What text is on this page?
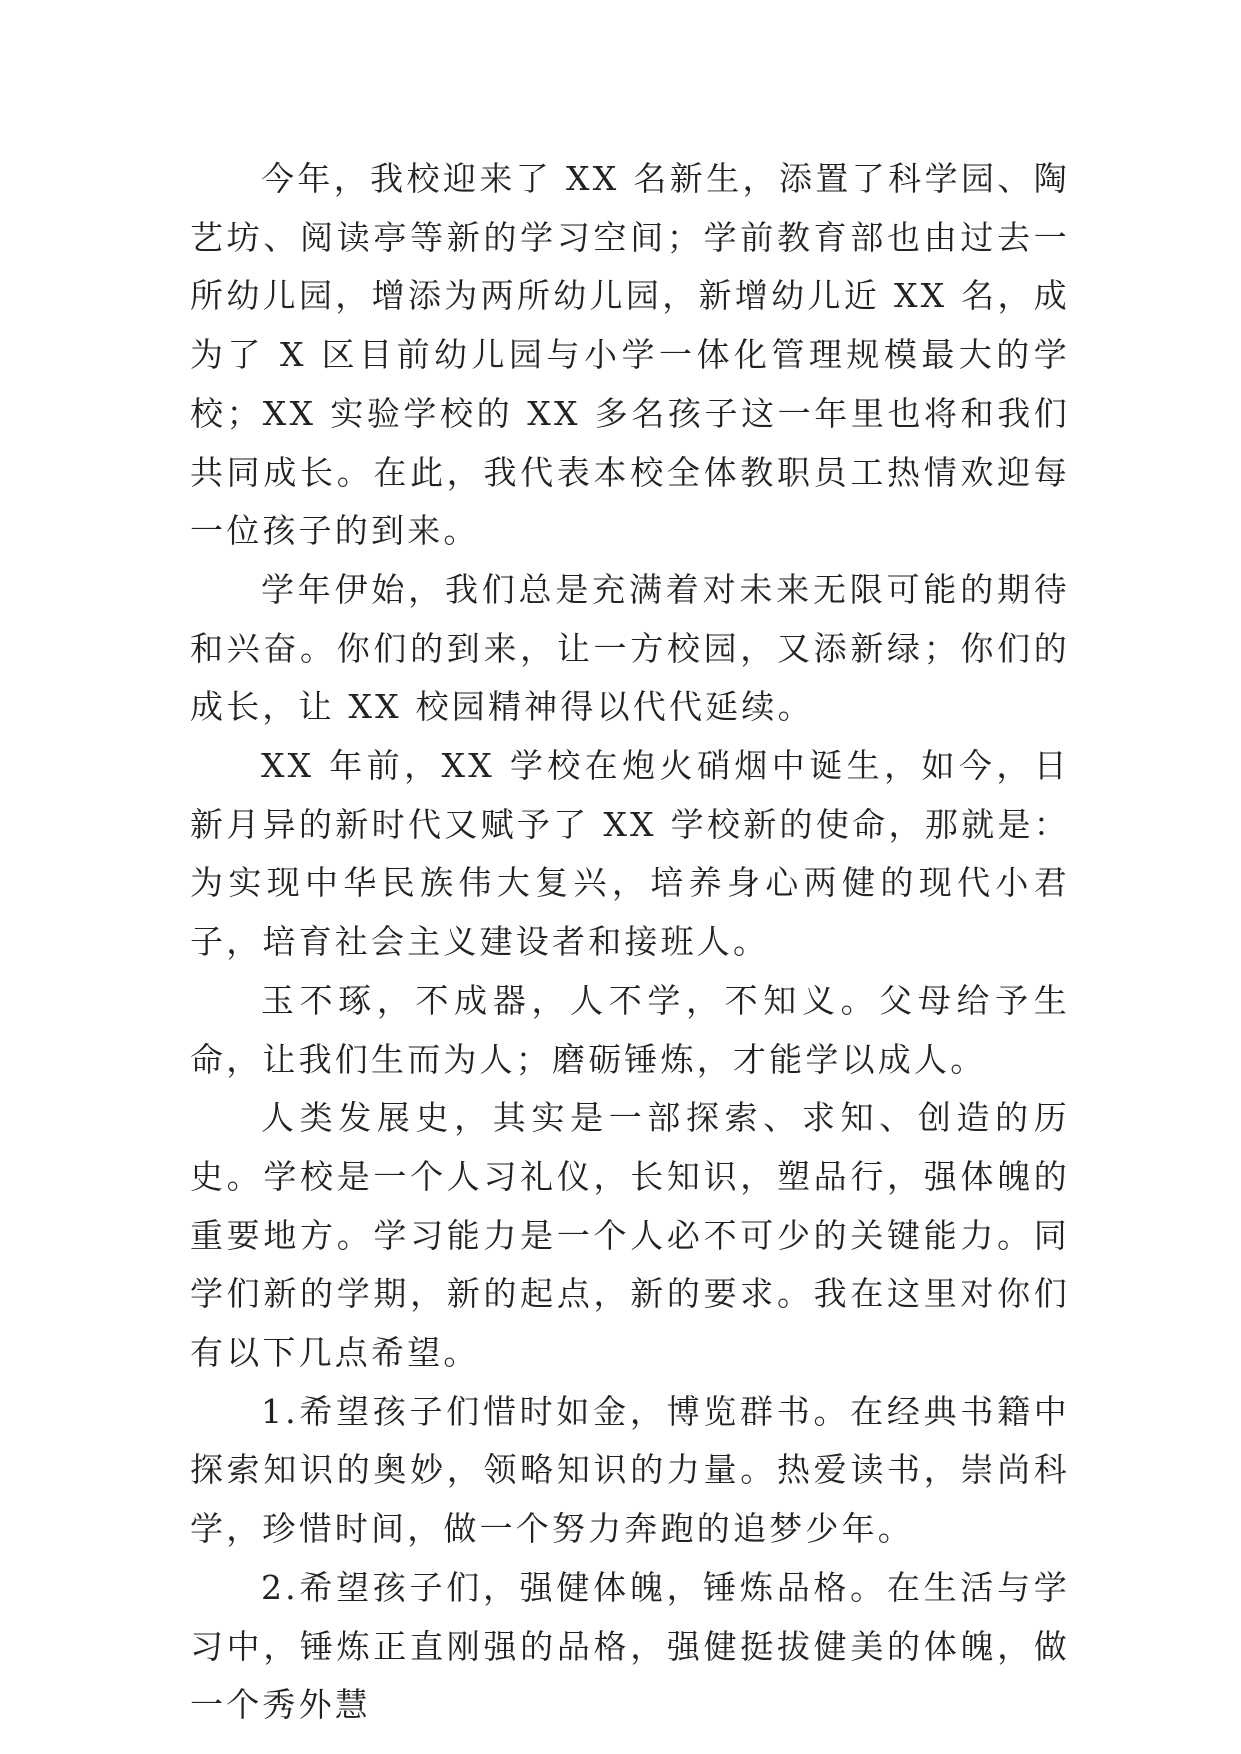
今年，我校迎来了 XX 名新生，添置了科学园、陶艺坊、阅读亭等新的学习空间；学前教育部也由过去一所幼儿园，增添为两所幼儿园，新增幼儿近 XX 名，成为了 X 区目前幼儿园与小学一体化管理规模最大的学校；XX 实验学校的 XX 多名孩子这一年里也将和我们共同成长。在此，我代表本校全体教职员工热情欢迎每一位孩子的到来。

学年伊始，我们总是充满着对未来无限可能的期待和兴奋。你们的到来，让一方校园，又添新绿；你们的成长，让 XX 校园精神得以代代延续。

XX 年前，XX 学校在炮火硝烟中诞生，如今，日新月异的新时代又赋予了 XX 学校新的使命，那就是：为实现中华民族伟大复兴，培养身心两健的现代小君子，培育社会主义建设者和接班人。

玉不琢，不成器，人不学，不知义。父母给予生命，让我们生而为人；磨砺锤炼，才能学以成人。

人类发展史，其实是一部探索、求知、创造的历史。学校是一个人习礼仪，长知识，塑品行，强体魄的重要地方。学习能力是一个人必不可少的关键能力。同学们新的学期，新的起点，新的要求。我在这里对你们有以下几点希望。

1.希望孩子们惜时如金，博览群书。在经典书籍中探索知识的奥妙，领略知识的力量。热爱读书，崇尚科学，珍惜时间，做一个努力奔跑的追梦少年。

2.希望孩子们，强健体魄，锤炼品格。在生活与学习中，锤炼正直刚强的品格，强健挺拔健美的体魄，做一个秀外慧
